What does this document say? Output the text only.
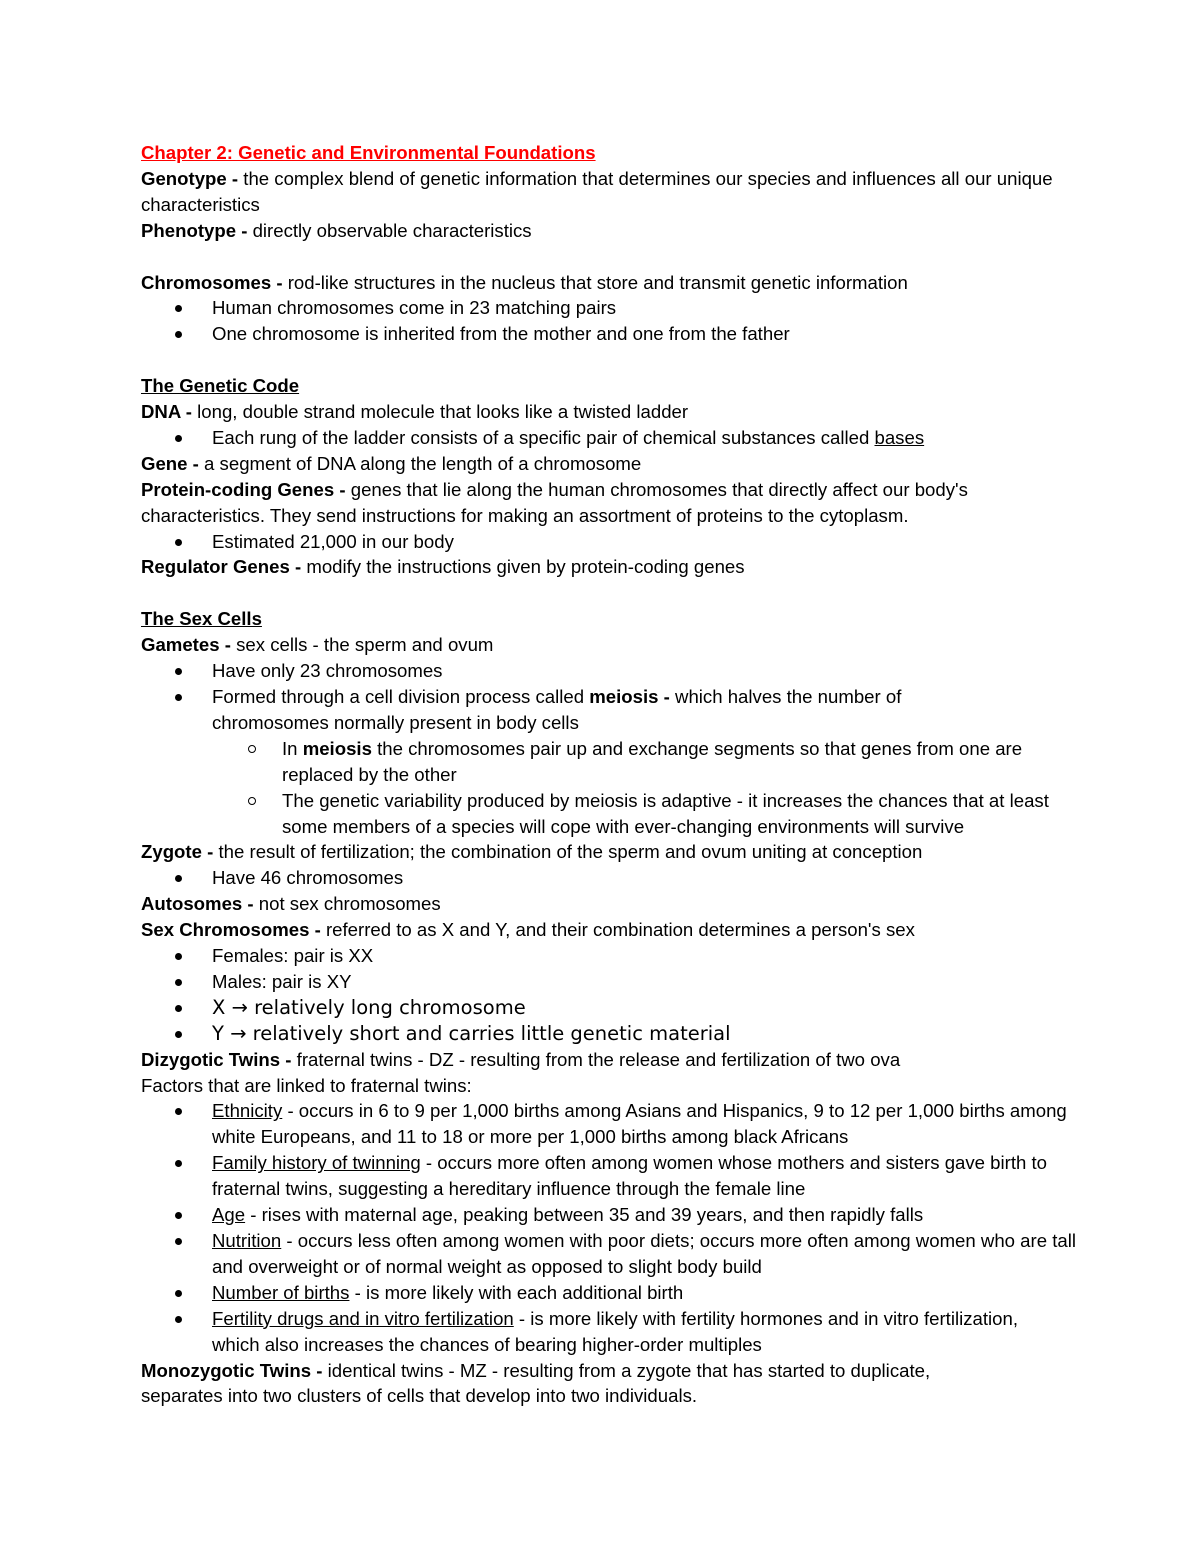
Chapter 2: Genetic and Environmental Foundations

Genotype - the complex blend of genetic information that determines our species and influences all our unique characteristics

Phenotype - directly observable characteristics

Chromosomes - rod-like structures in the nucleus that store and transmit genetic information

Human chromosomes come in 23 matching pairs
One chromosome is inherited from the mother and one from the father

The Genetic Code

DNA - long, double strand molecule that looks like a twisted ladder

Each rung of the ladder consists of a specific pair of chemical substances called bases

Gene - a segment of DNA along the length of a chromosome

Protein-coding Genes - genes that lie along the human chromosomes that directly affect our body's characteristics. They send instructions for making an assortment of proteins to the cytoplasm.

Estimated 21,000 in our body

Regulator Genes - modify the instructions given by protein-coding genes

The Sex Cells

Gametes - sex cells - the sperm and ovum

Have only 23 chromosomes
Formed through a cell division process called meiosis - which halves the number of chromosomes normally present in body cells
In meiosis the chromosomes pair up and exchange segments so that genes from one are replaced by the other
The genetic variability produced by meiosis is adaptive - it increases the chances that at least some members of a species will cope with ever-changing environments will survive

Zygote - the result of fertilization; the combination of the sperm and ovum uniting at conception

Have 46 chromosomes

Autosomes - not sex chromosomes

Sex Chromosomes - referred to as X and Y, and their combination determines a person's sex

Females: pair is XX
Males: pair is XY
X → relatively long chromosome
Y → relatively short and carries little genetic material

Dizygotic Twins - fraternal twins - DZ - resulting from the release and fertilization of two ova

Factors that are linked to fraternal twins:

Ethnicity - occurs in 6 to 9 per 1,000 births among Asians and Hispanics, 9 to 12 per 1,000 births among white Europeans, and 11 to 18 or more per 1,000 births among black Africans
Family history of twinning - occurs more often among women whose mothers and sisters gave birth to fraternal twins, suggesting a hereditary influence through the female line
Age - rises with maternal age, peaking between 35 and 39 years, and then rapidly falls
Nutrition - occurs less often among women with poor diets; occurs more often among women who are tall and overweight or of normal weight as opposed to slight body build
Number of births - is more likely with each additional birth
Fertility drugs and in vitro fertilization - is more likely with fertility hormones and in vitro fertilization, which also increases the chances of bearing higher-order multiples

Monozygotic Twins - identical twins - MZ - resulting from a zygote that has started to duplicate, separates into two clusters of cells that develop into two individuals.
